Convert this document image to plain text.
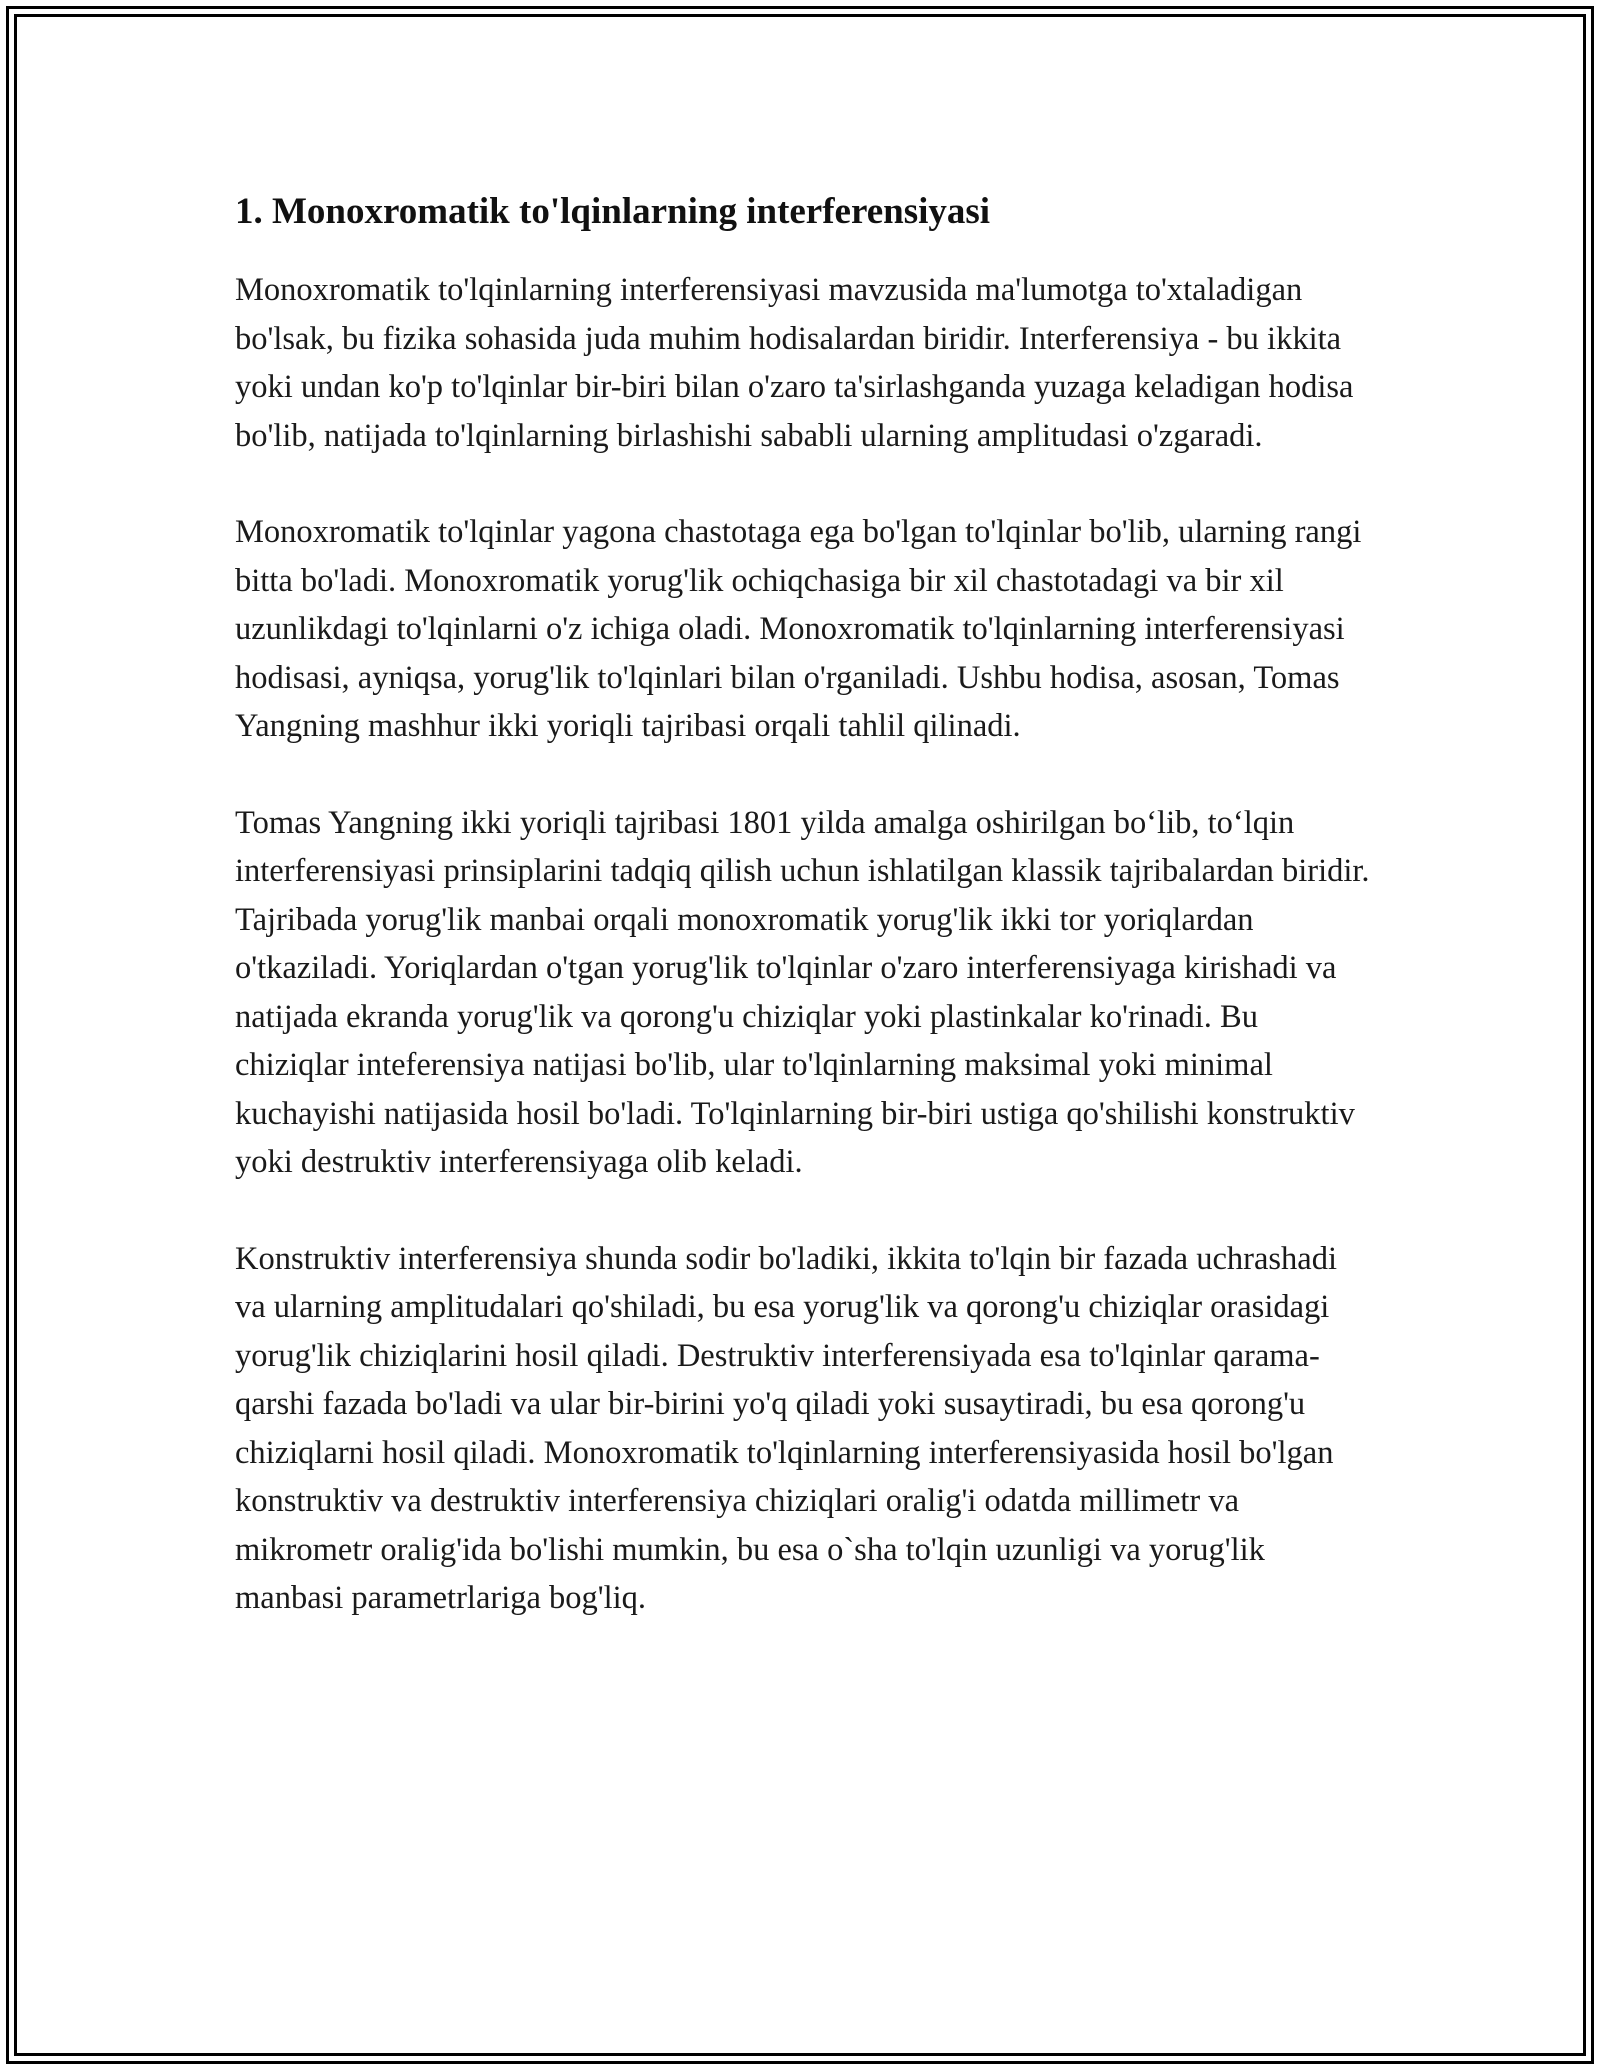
1. Monoxromatik to'lqinlarning interferensiyasi

Monoxromatik to'lqinlarning interferensiyasi mavzusida ma'lumotga to'xtaladigan bo'lsak, bu fizika sohasida juda muhim hodisalardan biridir. Interferensiya - bu ikkita yoki undan ko'p to'lqinlar bir-biri bilan o'zaro ta'sirlashganda yuzaga keladigan hodisa bo'lib, natijada to'lqinlarning birlashishi sababli ularning amplitudasi o'zgaradi.

Monoxromatik to'lqinlar yagona chastotaga ega bo'lgan to'lqinlar bo'lib, ularning rangi bitta bo'ladi. Monoxromatik yorug'lik ochiqchasiga bir xil chastotadagi va bir xil uzunlikdagi to'lqinlarni o'z ichiga oladi. Monoxromatik to'lqinlarning interferensiyasi hodisasi, ayniqsa, yorug'lik to'lqinlari bilan o'rganiladi. Ushbu hodisa, asosan, Tomas Yangning mashhur ikki yoriqli tajribasi orqali tahlil qilinadi.

Tomas Yangning ikki yoriqli tajribasi 1801 yilda amalga oshirilgan bo‘lib, to‘lqin interferensiyasi prinsiplarini tadqiq qilish uchun ishlatilgan klassik tajribalardan biridir. Tajribada yorug'lik manbai orqali monoxromatik yorug'lik ikki tor yoriqlardan o'tkaziladi. Yoriqlardan o'tgan yorug'lik to'lqinlar o'zaro interferensiyaga kirishadi va natijada ekranda yorug'lik va qorong'u chiziqlar yoki plastinkalar ko'rinadi. Bu chiziqlar inteferensiya natijasi bo'lib, ular to'lqinlarning maksimal yoki minimal kuchayishi natijasida hosil bo'ladi. To'lqinlarning bir-biri ustiga qo'shilishi konstruktiv yoki destruktiv interferensiyaga olib keladi.

Konstruktiv interferensiya shunda sodir bo'ladiki, ikkita to'lqin bir fazada uchrashadi va ularning amplitudalari qo'shiladi, bu esa yorug'lik va qorong'u chiziqlar orasidagi yorug'lik chiziqlarini hosil qiladi. Destruktiv interferensiyada esa to'lqinlar qarama-qarshi fazada bo'ladi va ular bir-birini yo'q qiladi yoki susaytiradi, bu esa qorong'u chiziqlarni hosil qiladi. Monoxromatik to'lqinlarning interferensiyasida hosil bo'lgan konstruktiv va destruktiv interferensiya chiziqlari oralig'i odatda millimetr va mikrometr oralig'ida bo'lishi mumkin, bu esa o`sha to'lqin uzunligi va yorug'lik manbasi parametrlariga bog'liq.
